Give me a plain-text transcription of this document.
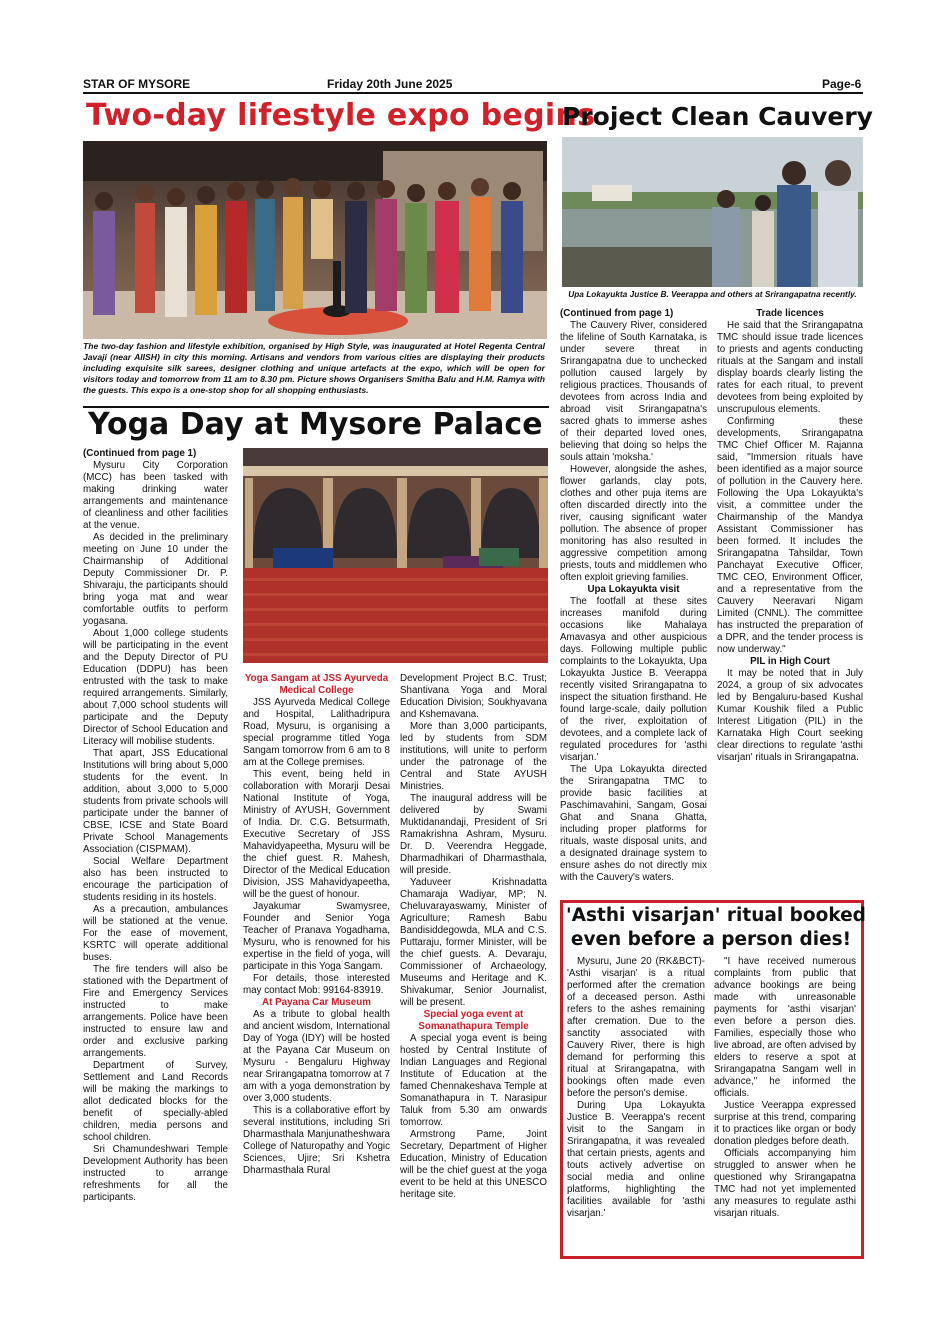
STAR OF MYSORE	Friday 20th June 2025	Page-6
Two-day lifestyle expo begins
The two-day fashion and lifestyle exhibition, organised by High Style, was inaugurated at Hotel Regenta Central Javaji (near AIISH) in city this morning. Artisans and vendors from various cities are displaying their products including exquisite silk sarees, designer clothing and unique artefacts at the expo, which will be open for visitors today and tomorrow from 11 am to 8.30 pm. Picture shows Organisers Smitha Balu and H.M. Ramya with the guests. This expo is a one-stop shop for all shopping enthusiasts.
Project Clean Cauvery
Upa Lokayukta Justice B. Veerappa and others at Srirangapatna recently.

(Continued from page 1)

The Cauvery River, considered the lifeline of South Karnataka, is under severe threat in Srirangapatna due to unchecked pollution caused largely by religious practices. Thousands of devotees from across India and abroad visit Srirangapatna's sacred ghats to immerse ashes of their departed loved ones, believing that doing so helps the souls attain 'moksha.'

However, alongside the ashes, flower garlands, clay pots, clothes and other puja items are often discarded directly into the river, causing significant water pollution. The absence of proper monitoring has also resulted in aggressive competition among priests, touts and middlemen who often exploit grieving families.

Upa Lokayukta visit

The footfall at these sites increases manifold during occasions like Mahalaya Amavasya and other auspicious days. Following multiple public complaints to the Lokayukta, Upa Lokayukta Justice B. Veerappa recently visited Srirangapatna to inspect the situation firsthand. He found large-scale, daily pollution of the river, exploitation of devotees, and a complete lack of regulated procedures for 'asthi visarjan.'

The Upa Lokayukta directed the Srirangapatna TMC to provide basic facilities at Paschimavahini, Sangam, Gosai Ghat and Snana Ghatta, including proper platforms for rituals, waste disposal units, and a designated drainage system to ensure ashes do not directly mix with the Cauvery's waters.

Trade licences

He said that the Srirangapatna TMC should issue trade licences to priests and agents conducting rituals at the Sangam and install display boards clearly listing the rates for each ritual, to prevent devotees from being exploited by unscrupulous elements.

Confirming these developments, Srirangapatna TMC Chief Officer M. Rajanna said, "Immersion rituals have been identified as a major source of pollution in the Cauvery here. Following the Upa Lokayukta's visit, a committee under the Chairmanship of the Mandya Assistant Commissioner has been formed. It includes the Srirangapatna Tahsildar, Town Panchayat Executive Officer, TMC CEO, Environment Officer, and a representative from the Cauvery Neeravari Nigam Limited (CNNL). The committee has instructed the preparation of a DPR, and the tender process is now underway."

PIL in High Court

It may be noted that in July 2024, a group of six advocates led by Bengaluru-based Kushal Kumar Koushik filed a Public Interest Litigation (PIL) in the Karnataka High Court seeking clear directions to regulate 'asthi visarjan' rituals in Srirangapatna.

Yoga Day at Mysore Palace

(Continued from page 1)

Mysuru City Corporation (MCC) has been tasked with making drinking water arrangements and maintenance of cleanliness and other facilities at the venue.

As decided in the preliminary meeting on June 10 under the Chairmanship of Additional Deputy Commissioner Dr. P. Shivaraju, the participants should bring yoga mat and wear comfortable outfits to perform yogasana.

About 1,000 college students will be participating in the event and the Deputy Director of PU Education (DDPU) has been entrusted with the task to make required arrangements. Similarly, about 7,000 school students will participate and the Deputy Director of School Education and Literacy will mobilise students.

That apart, JSS Educational Institutions will bring about 5,000 students for the event. In addition, about 3,000 to 5,000 students from private schools will participate under the banner of CBSE, ICSE and State Board Private School Managements Association (CISPMAM).

Social Welfare Department also has been instructed to encourage the participation of students residing in its hostels.

As a precaution, ambulances will be stationed at the venue. For the ease of movement, KSRTC will operate additional buses.

The fire tenders will also be stationed with the Department of Fire and Emergency Services instructed to make arrangements. Police have been instructed to ensure law and order and exclusive parking arrangements.

Department of Survey, Settlement and Land Records will be making the markings to allot dedicated blocks for the benefit of specially-abled children, media persons and school children.

Sri Chamundeshwari Temple Development Authority has been instructed to arrange refreshments for all the participants.

Yoga Sangam at JSS Ayurveda Medical College

JSS Ayurveda Medical College and Hospital, Lalithadripura Road, Mysuru, is organising a special programme titled Yoga Sangam tomorrow from 6 am to 8 am at the College premises.

This event, being held in collaboration with Morarji Desai National Institute of Yoga, Ministry of AYUSH, Government of India. Dr. C.G. Betsurmath, Executive Secretary of JSS Mahavidyapeetha, Mysuru will be the chief guest. R. Mahesh, Director of the Medical Education Division, JSS Mahavidyapeetha, will be the guest of honour.

Jayakumar Swamysree, Founder and Senior Yoga Teacher of Pranava Yogadhama, Mysuru, who is renowned for his expertise in the field of yoga, will participate in this Yoga Sangam.

For details, those interested may contact Mob: 99164-83919.

At Payana Car Museum

As a tribute to global health and ancient wisdom, International Day of Yoga (IDY) will be hosted at the Payana Car Museum on Mysuru - Bengaluru Highway near Srirangapatna tomorrow at 7 am with a yoga demonstration by over 3,000 students.

This is a collaborative effort by several institutions, including Sri Dharmasthala Manjunatheshwara College of Naturopathy and Yogic Sciences, Ujire; Sri Kshetra Dharmasthala Rural

Development Project B.C. Trust; Shantivana Yoga and Moral Education Division; Soukhyavana and Kshemavana.

More than 3,000 participants, led by students from SDM institutions, will unite to perform under the patronage of the Central and State AYUSH Ministries.

The inaugural address will be delivered by Swami Muktidanandaji, President of Sri Ramakrishna Ashram, Mysuru. Dr. D. Veerendra Heggade, Dharmadhikari of Dharmasthala, will preside.

Yaduveer Krishnadatta Chamaraja Wadiyar, MP; N. Cheluvarayaswamy, Minister of Agriculture; Ramesh Babu Bandisiddegowda, MLA and C.S. Puttaraju, former Minister, will be the chief guests. A. Devaraju, Commissioner of Archaeology, Museums and Heritage and K. Shivakumar, Senior Journalist, will be present.

Special yoga event at Somanathapura Temple

A special yoga event is being hosted by Central Institute of Indian Languages and Regional Institute of Education at the famed Chennakeshava Temple at Somanathapura in T. Narasipur Taluk from 5.30 am onwards tomorrow.

Armstrong Pame, Joint Secretary, Department of Higher Education, Ministry of Education will be the chief guest at the yoga event to be held at this UNESCO heritage site.

'Asthi visarjan' ritual booked
even before a person dies!

Mysuru, June 20 (RK&BCT)- 'Asthi visarjan' is a ritual performed after the cremation of a deceased person. Asthi refers to the ashes remaining after cremation. Due to the sanctity associated with Cauvery River, there is high demand for performing this ritual at Srirangapatna, with bookings often made even before the person's demise.

During Upa Lokayukta Justice B. Veerappa's recent visit to the Sangam in Srirangapatna, it was revealed that certain priests, agents and touts actively advertise on social media and online platforms, highlighting the facilities available for 'asthi visarjan.'

"I have received numerous complaints from public that advance bookings are being made with unreasonable payments for 'asthi visarjan' even before a person dies. Families, especially those who live abroad, are often advised by elders to reserve a spot at Srirangapatna Sangam well in advance," he informed the officials.

Justice Veerappa expressed surprise at this trend, comparing it to practices like organ or body donation pledges before death.

Officials accompanying him struggled to answer when he questioned why Srirangapatna TMC had not yet implemented any measures to regulate asthi visarjan rituals.
